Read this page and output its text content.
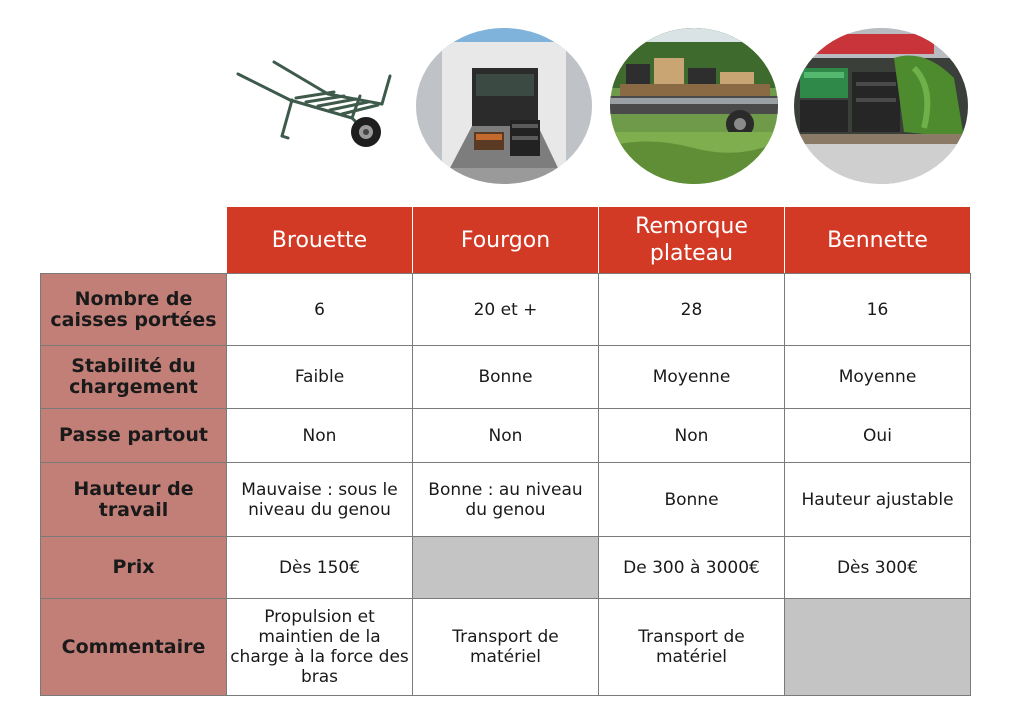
	Brouette	Fourgon	Remorque plateau	Bennette
Nombre de caisses portées	6	20 et +	28	16
Stabilité du chargement	Faible	Bonne	Moyenne	Moyenne
Passe partout	Non	Non	Non	Oui
Hauteur de travail	Mauvaise : sous le niveau du genou	Bonne : au niveau du genou	Bonne	Hauteur ajustable
Prix	Dès 150€		De 300 à 3000€	Dès 300€
Commentaire	Propulsion et maintien de la charge à la force des bras	Transport de matériel	Transport de matériel	
